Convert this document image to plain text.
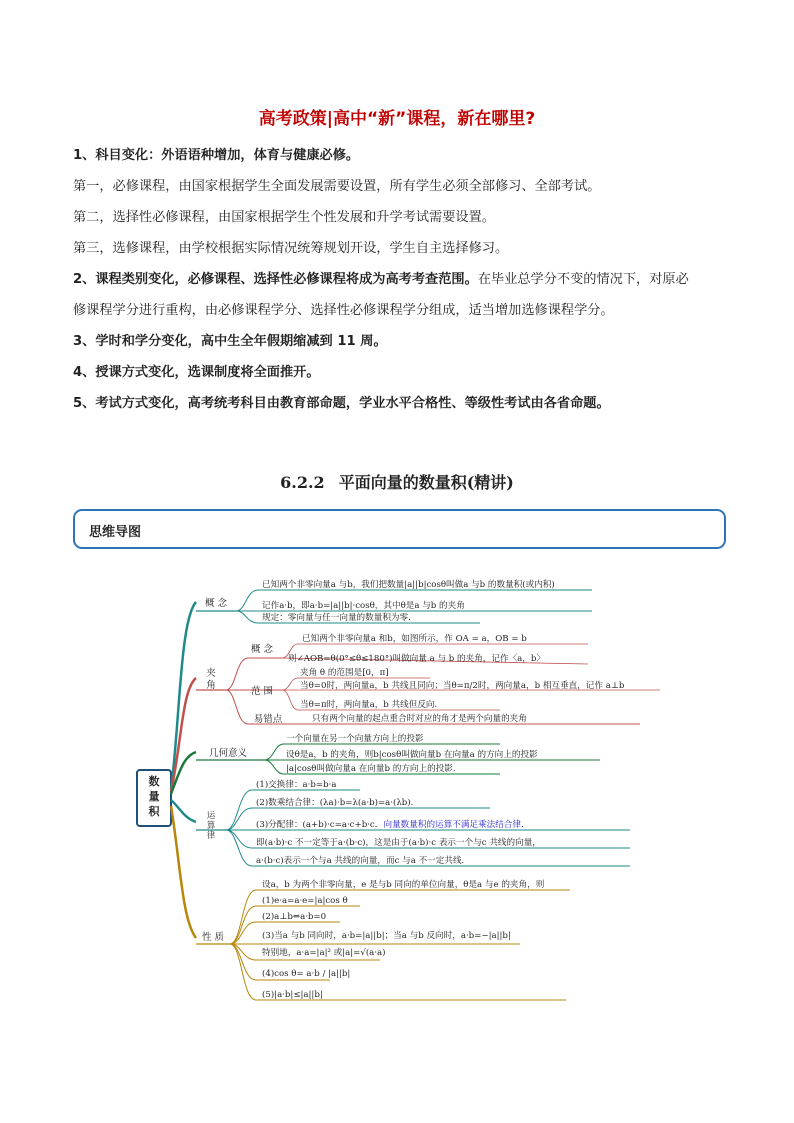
高考政策|高中“新”课程，新在哪里?
1、科目变化：外语语种增加，体育与健康必修。
第一，必修课程，由国家根据学生全面发展需要设置，所有学生必须全部修习、全部考试。
第二，选择性必修课程，由国家根据学生个性发展和升学考试需要设置。
第三，选修课程，由学校根据实际情况统筹规划开设，学生自主选择修习。
2、课程类别变化，必修课程、选择性必修课程将成为高考考查范围。在毕业总学分不变的情况下，对原必
修课程学分进行重构，由必修课程学分、选择性必修课程学分组成，适当增加选修课程学分。
3、学时和学分变化，高中生全年假期缩减到 11 周。
4、授课方式变化，选课制度将全面推开。
5、考试方式变化，高考统考科目由教育部命题，学业水平合格性、等级性考试由各省命题。
6.2.2 平面向量的数量积(精讲)
思维导图
数
量
积
概 念
已知两个非零向量a 与b，我们把数量|a||b|cosθ叫做a 与b 的数量积(或内积)
记作a·b，即a·b=|a||b|·cosθ，其中θ是a 与b 的夹角
规定：零向量与任一向量的数量积为零.
夹
角
概 念
范 围
易错点
已知两个非零向量a 和b，如图所示，作 OA = a，OB = b
则∠AOB=θ(0°≤θ≤180°)叫做向量 a 与 b 的夹角，记作〈a，b〉
夹角 θ 的范围是[0，π]
当θ=0时，两向量a，b 共线且同向；当θ=π/2时，两向量a，b 相互垂直，记作 a⊥b
当θ=π时，两向量a，b 共线但反向.
只有两个向量的起点重合时对应的角才是两个向量的夹角
几何意义
一个向量在另一个向量方向上的投影
设θ是a，b 的夹角，则b|cosθ叫做向量b 在向量a 的方向上的投影
|a|cosθ叫做向量a 在向量b 的方向上的投影.
运
算
律
(1)交换律：a·b=b·a
(2)数乘结合律：(λa)·b=λ(a·b)=a·(λb).
(3)分配律：(a+b)·c=a·c+b·c. 向量数量积的运算不满足乘法结合律.
即(a·b)·c 不一定等于a·(b·c)，这是由于(a·b)·c 表示一个与c 共线的向量，
a·(b·c)表示一个与a 共线的向量，而c 与a 不一定共线.
性 质
设a，b 为两个非零向量，e 是与b 同向的单位向量，θ是a 与e 的夹角，则
(1)e·a=a·e=|a|cos θ
(2)a⊥b⇔a·b=0
(3)当a 与b 同向时，a·b=|a||b|；当a 与b 反向时，a·b=−|a||b|
特别地，a·a=|a|² 或|a|=√(a·a)
(4)cos θ= a·b / |a||b|
(5)|a·b|≤|a||b|
